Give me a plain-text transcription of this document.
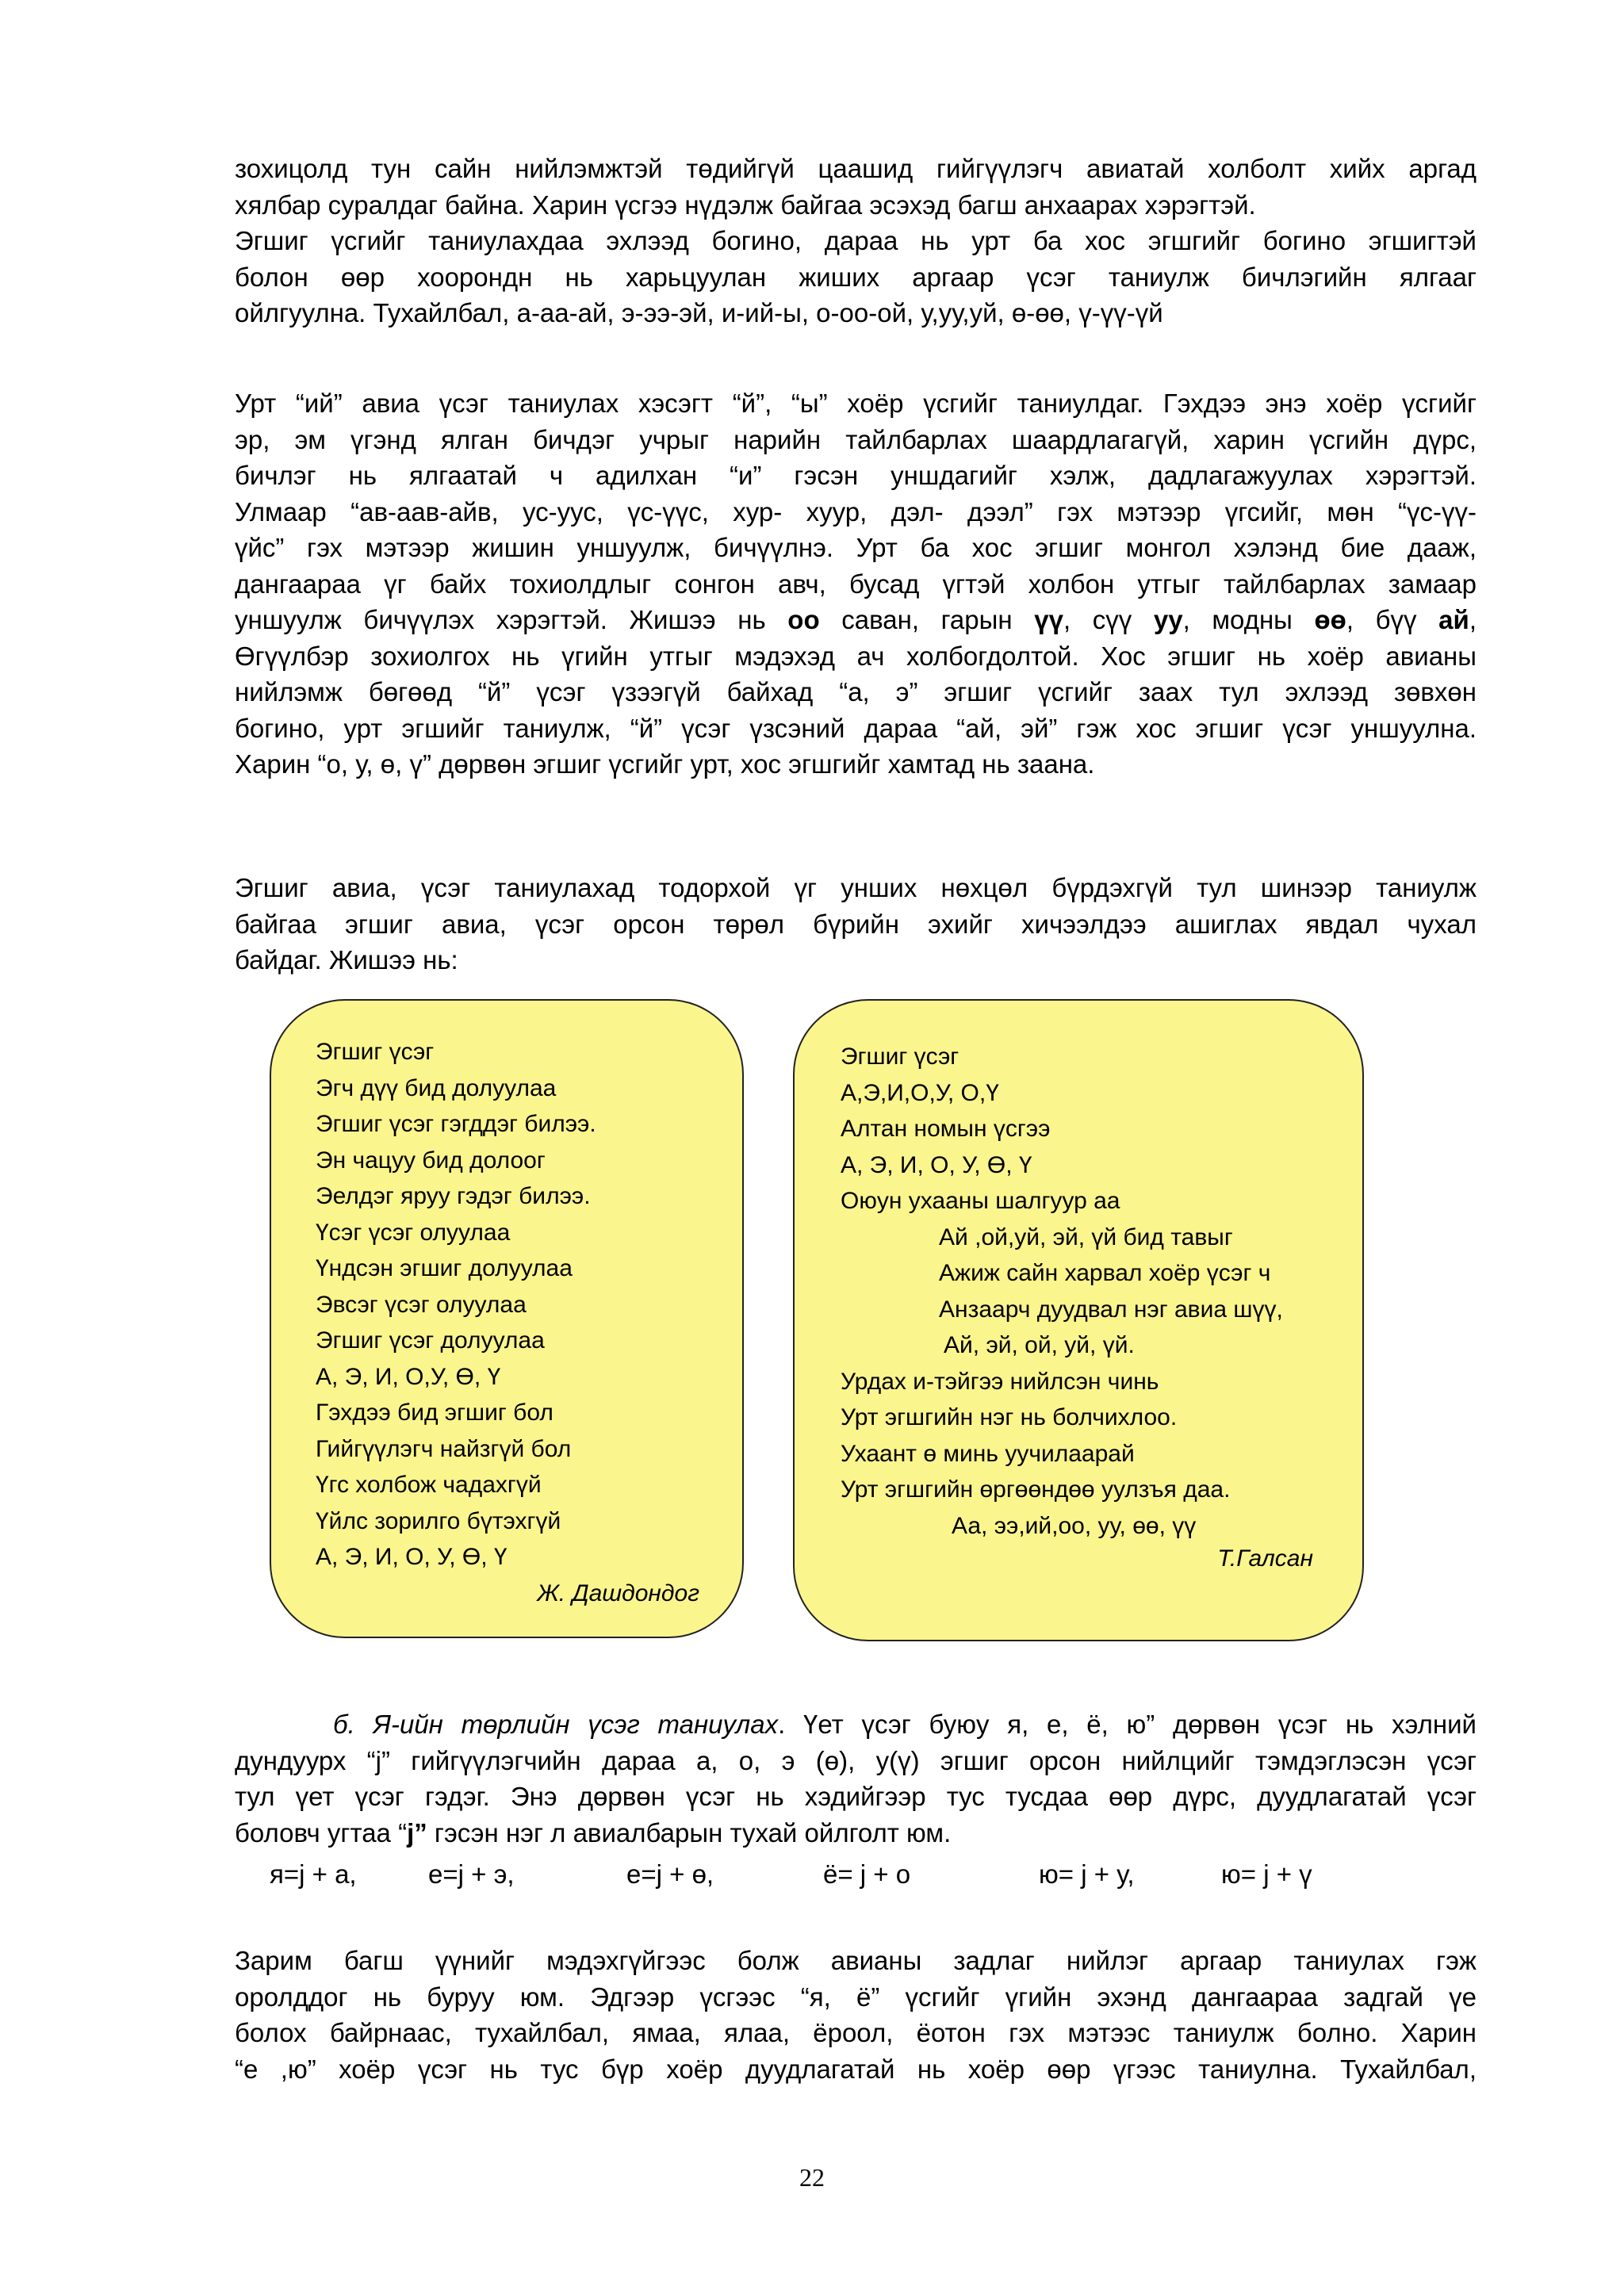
зохицолд тун сайн нийлэмжтэй төдийгүй цаашид гийгүүлэгч авиатай холболт хийх аргад
хялбар суралдаг байна. Харин үсгээ нүдэлж байгаа эсэхэд багш анхаарах хэрэгтэй.
Эгшиг үсгийг таниулахдаа эхлээд богино, дараа нь урт ба хос эгшгийг богино эгшигтэй
болон өөр хоорондн нь харьцуулан жиших аргаар үсэг таниулж бичлэгийн ялгааг
ойлгуулна. Тухайлбал, а-аа-ай, э-ээ-эй, и-ий-ы, о-оо-ой, у,уу,уй, ө-өө, ү-үү-үй
Урт “ий” авиа үсэг таниулах хэсэгт “й”, “ы” хоёр үсгийг таниулдаг. Гэхдээ энэ хоёр үсгийг
эр, эм үгэнд ялган бичдэг учрыг нарийн тайлбарлах шаардлагагүй, харин үсгийн дүрс,
бичлэг нь ялгаатай ч адилхан “и” гэсэн уншдагийг хэлж, дадлагажуулах хэрэгтэй.
Улмаар “ав-аав-айв, ус-уус, үс-үүс, хур- хуур, дэл- дээл” гэх мэтээр үгсийг, мөн “үс-үү-
үйс” гэх мэтээр жишин уншуулж, бичүүлнэ. Урт ба хос эгшиг монгол хэлэнд бие дааж,
дангаараа үг байх тохиолдлыг сонгон авч, бусад үгтэй холбон утгыг тайлбарлах замаар
уншуулж бичүүлэх хэрэгтэй. Жишээ нь оо саван, гарын үү, сүү уу, модны өө, бүү ай,
Өгүүлбэр зохиолгох нь үгийн утгыг мэдэхэд ач холбогдолтой. Хос эгшиг нь хоёр авианы
нийлэмж бөгөөд “й” үсэг үзээгүй байхад “а, э” эгшиг үсгийг заах тул эхлээд зөвхөн
богино, урт эгшийг таниулж, “й” үсэг үзсэний дараа “ай, эй” гэж хос эгшиг үсэг уншуулна.
Харин “о, у, ө, ү” дөрвөн эгшиг үсгийг урт, хос эгшгийг хамтад нь заана.
Эгшиг авиа, үсэг таниулахад тодорхой үг унших нөхцөл бүрдэхгүй тул шинээр таниулж
байгаа эгшиг авиа, үсэг орсон төрөл бүрийн эхийг хичээлдээ ашиглах явдал чухал
байдаг. Жишээ нь:
Эгшиг үсэг
Эгч дүү бид долуулаа
Эгшиг үсэг гэгддэг билээ.
Эн чацуу бид долоог
Эелдэг яруу гэдэг билээ.
Үсэг үсэг олуулаа
Үндсэн эгшиг долуулаа
Эвсэг үсэг олуулаа
Эгшиг үсэг долуулаа
А, Э, И, О,У, Ө, Ү
Гэхдээ бид эгшиг бол
Гийгүүлэгч найзгүй бол
Үгс холбож чадахгүй
Үйлс зорилго бүтэхгүй
А, Э, И, О, У, Ө, Ү
Ж. Дашдондог
Эгшиг үсэг
А,Э,И,О,У, О,Ү
Алтан номын үсгээ
А, Э, И, О, У, Ө, Ү
Оюун ухааны шалгуур аа
Ай ,ой,уй, эй, үй бид тавыг
Ажиж сайн харвал хоёр үсэг ч
Анзаарч дуудвал нэг авиа шүү,
Ай, эй, ой, уй, үй.
Урдах и-тэйгээ нийлсэн чинь
Урт эгшгийн нэг нь болчихлоо.
Ухаант ө минь уучилаарай
Урт эгшгийн өргөөндөө уулзъя даа.
Аа, ээ,ий,оо, уу, өө, үү
Т.Галсан
б. Я-ийн төрлийн үсэг таниулах. Үет үсэг буюу я, е, ё, ю” дөрвөн үсэг нь хэлний
дундуурх “j” гийгүүлэгчийн дараа а, о, э (ө), у(ү) эгшиг орсон нийлцийг тэмдэглэсэн үсэг
тул үет үсэг гэдэг. Энэ дөрвөн үсэг нь хэдийгээр тус тусдаа өөр дүрс, дуудлагатай үсэг
боловч угтаа “j” гэсэн нэг л авиалбарын тухай ойлголт юм.
я=j + а,	е=j + э,	е=j + ө,	ё= j + о	ю= j + у,	ю= j + ү
Зарим багш үүнийг мэдэхгүйгээс болж авианы задлаг нийлэг аргаар таниулах гэж
оролддог нь буруу юм. Эдгээр үсгээс “я, ё” үсгийг үгийн эхэнд дангаараа задгай үе
болох байрнаас, тухайлбал, ямаа, ялаа, ёроол, ёотон гэх мэтээс таниулж болно. Харин
“е ,ю” хоёр үсэг нь тус бүр хоёр дуудлагатай нь хоёр өөр үгээс таниулна. Тухайлбал,
22
